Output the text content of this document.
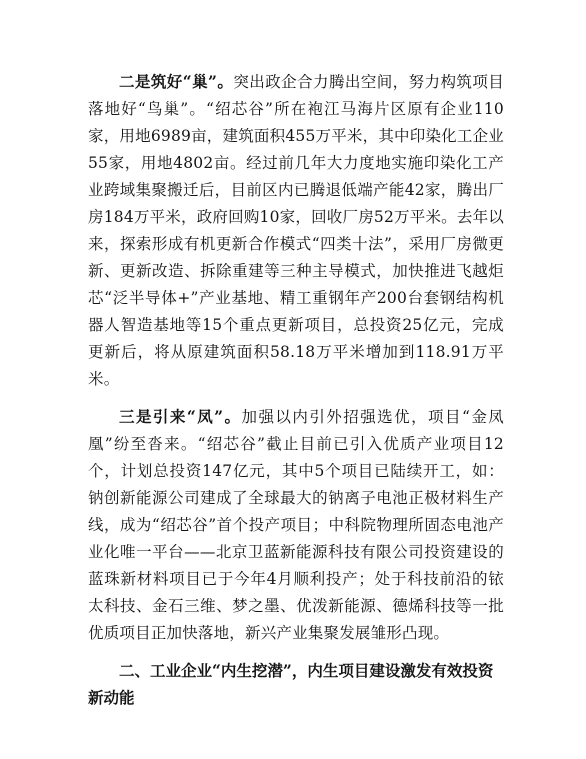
二是筑好“巢”。突出政企合力腾出空间，努力构筑项目落地好“鸟巢”。“绍芯谷”所在袍江马海片区原有企业110家，用地6989亩，建筑面积455万平米，其中印染化工企业55家，用地4802亩。经过前几年大力度地实施印染化工产业跨域集聚搬迁后，目前区内已腾退低端产能42家，腾出厂房184万平米，政府回购10家，回收厂房52万平米。去年以来，探索形成有机更新合作模式“四类十法”，采用厂房微更新、更新改造、拆除重建等三种主导模式，加快推进飞越炬芯“泛半导体+”产业基地、精工重钢年产200台套钢结构机器人智造基地等15个重点更新项目，总投资25亿元，完成更新后，将从原建筑面积58.18万平米增加到118.91万平米。

三是引来“凤”。加强以内引外招强选优，项目“金凤凰”纷至沓来。“绍芯谷”截止目前已引入优质产业项目12个，计划总投资147亿元，其中5个项目已陆续开工，如：钠创新能源公司建成了全球最大的钠离子电池正极材料生产线，成为“绍芯谷”首个投产项目；中科院物理所固态电池产业化唯一平台——北京卫蓝新能源科技有限公司投资建设的蓝珠新材料项目已于今年4月顺利投产；处于科技前沿的铱太科技、金石三维、梦之墨、优泼新能源、德烯科技等一批优质项目正加快落地，新兴产业集聚发展雏形凸现。

二、工业企业“内生挖潜”，内生项目建设激发有效投资新动能
